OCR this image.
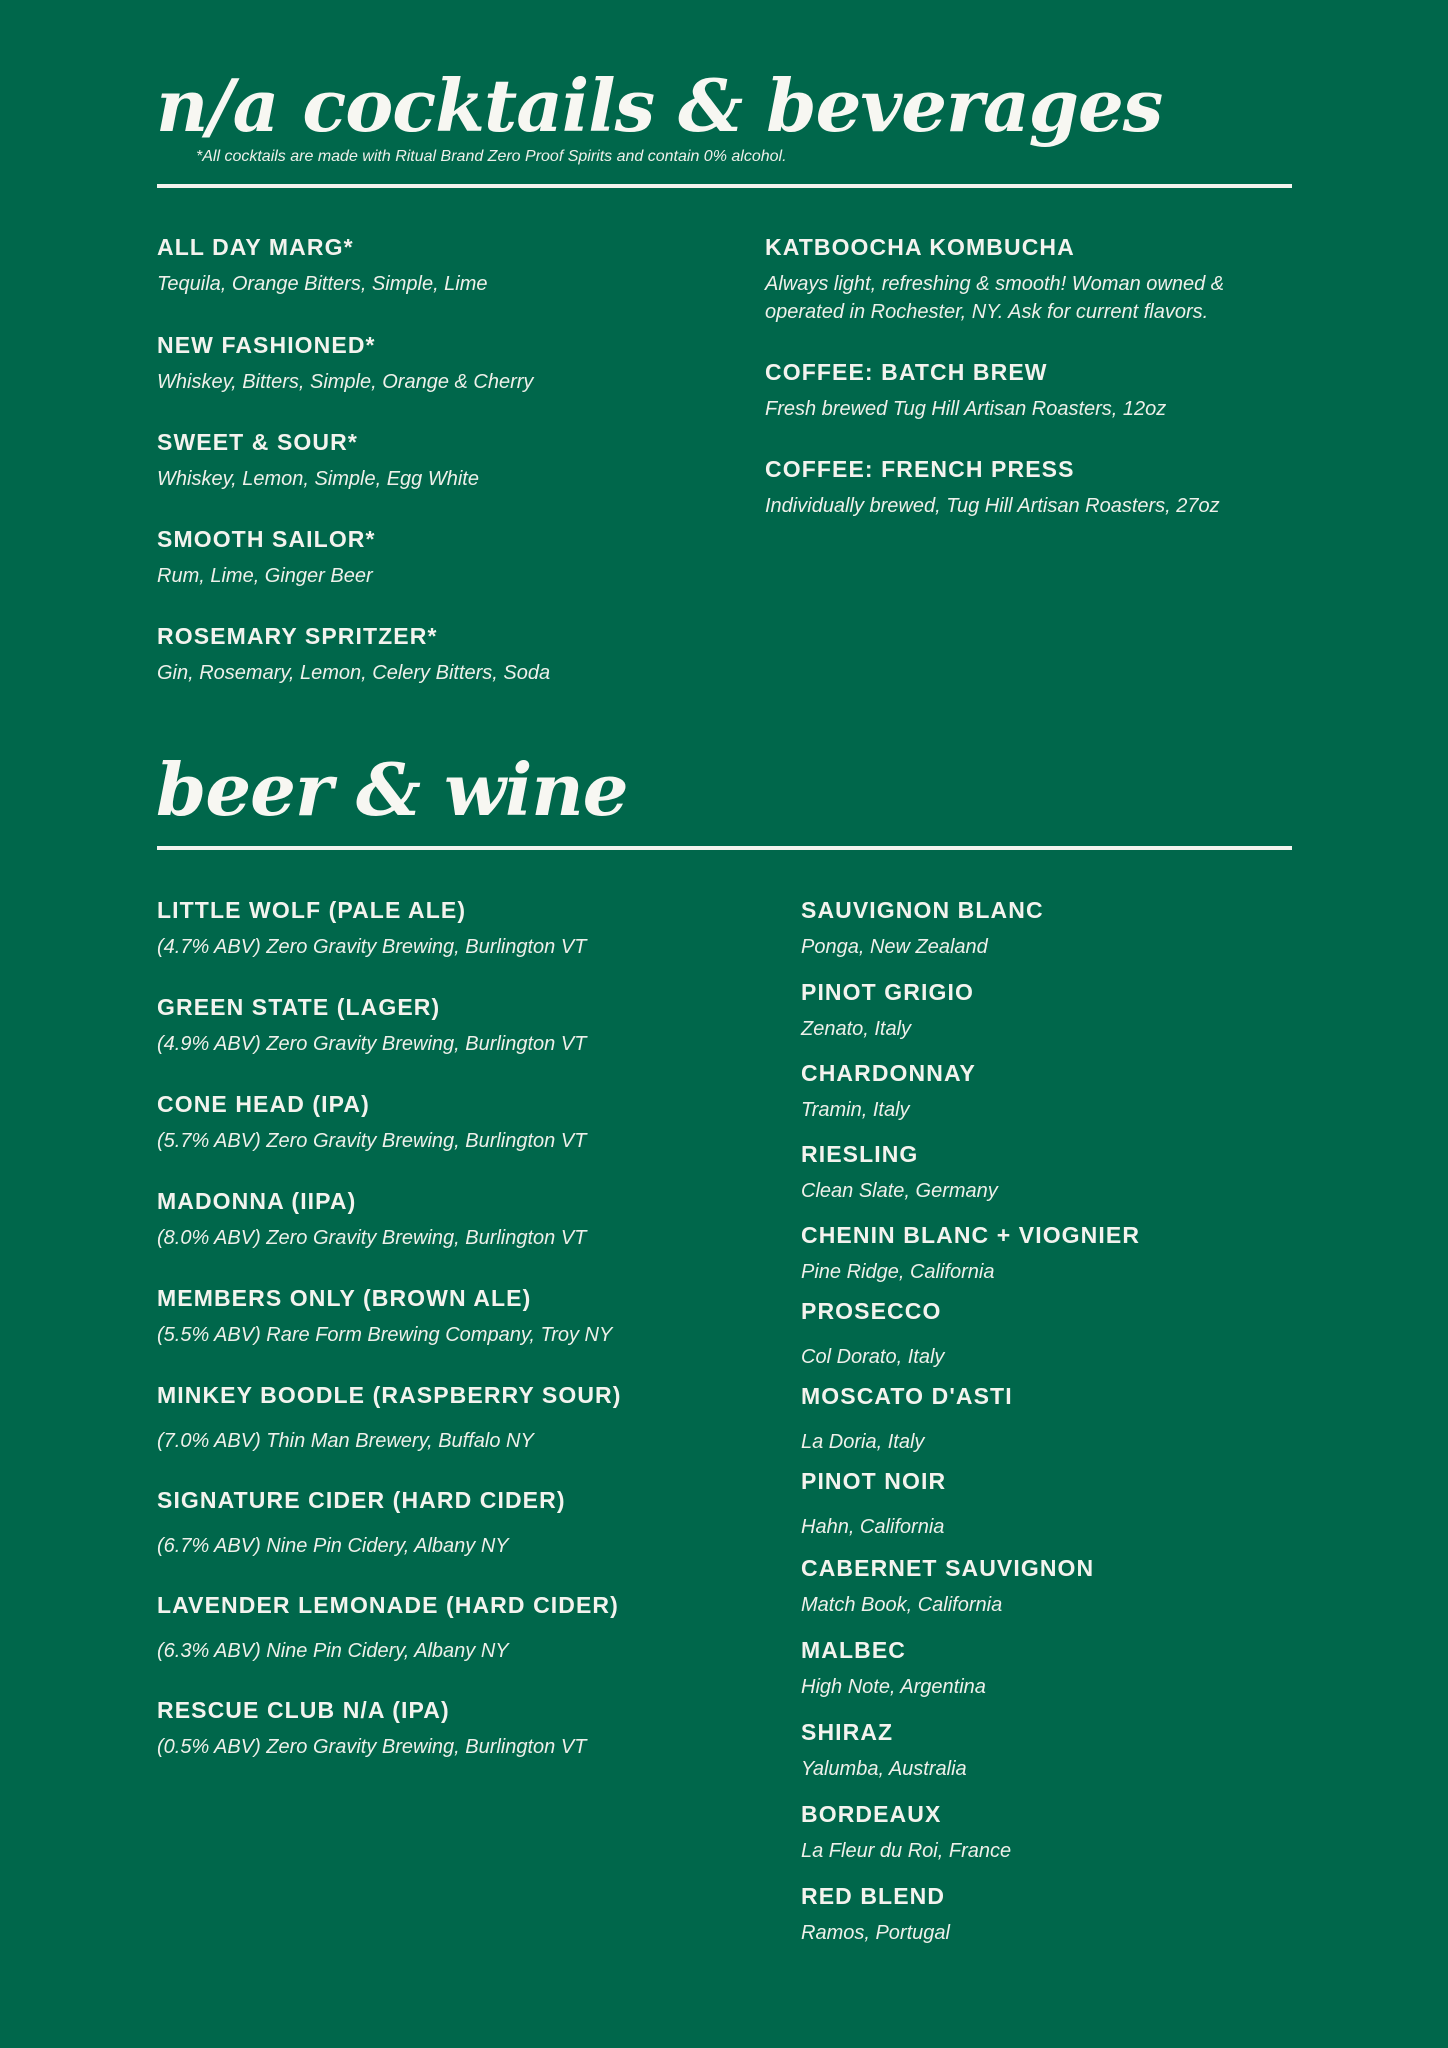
n/a cocktails & beverages
*All cocktails are made with Ritual Brand Zero Proof Spirits and contain 0% alcohol.
ALL DAY MARG*
Tequila, Orange Bitters, Simple, Lime
NEW FASHIONED*
Whiskey, Bitters, Simple, Orange & Cherry
SWEET & SOUR*
Whiskey, Lemon, Simple, Egg White
SMOOTH SAILOR*
Rum, Lime, Ginger Beer
ROSEMARY SPRITZER*
Gin, Rosemary, Lemon, Celery Bitters, Soda
KATBOOCHA KOMBUCHA
Always light, refreshing & smooth! Woman owned &
operated in Rochester, NY. Ask for current flavors.
COFFEE: BATCH BREW
Fresh brewed Tug Hill Artisan Roasters, 12oz
COFFEE: FRENCH PRESS
Individually brewed, Tug Hill Artisan Roasters, 27oz
beer & wine
LITTLE WOLF (PALE ALE)
(4.7% ABV) Zero Gravity Brewing, Burlington VT
GREEN STATE (LAGER)
(4.9% ABV) Zero Gravity Brewing, Burlington VT
CONE HEAD (IPA)
(5.7% ABV) Zero Gravity Brewing, Burlington VT
MADONNA (IIPA)
(8.0% ABV) Zero Gravity Brewing, Burlington VT
MEMBERS ONLY (BROWN ALE)
(5.5% ABV) Rare Form Brewing Company, Troy NY
MINKEY BOODLE (RASPBERRY SOUR)
(7.0% ABV) Thin Man Brewery, Buffalo NY
SIGNATURE CIDER (HARD CIDER)
(6.7% ABV) Nine Pin Cidery, Albany NY
LAVENDER LEMONADE (HARD CIDER)
(6.3% ABV) Nine Pin Cidery, Albany NY
RESCUE CLUB N/A (IPA)
(0.5% ABV) Zero Gravity Brewing, Burlington VT
SAUVIGNON BLANC
Ponga, New Zealand
PINOT GRIGIO
Zenato, Italy
CHARDONNAY
Tramin, Italy
RIESLING
Clean Slate, Germany
CHENIN BLANC + VIOGNIER
Pine Ridge, California
PROSECCO
Col Dorato, Italy
MOSCATO D'ASTI
La Doria, Italy
PINOT NOIR
Hahn, California
CABERNET SAUVIGNON
Match Book, California
MALBEC
High Note, Argentina
SHIRAZ
Yalumba, Australia
BORDEAUX
La Fleur du Roi, France
RED BLEND
Ramos, Portugal
